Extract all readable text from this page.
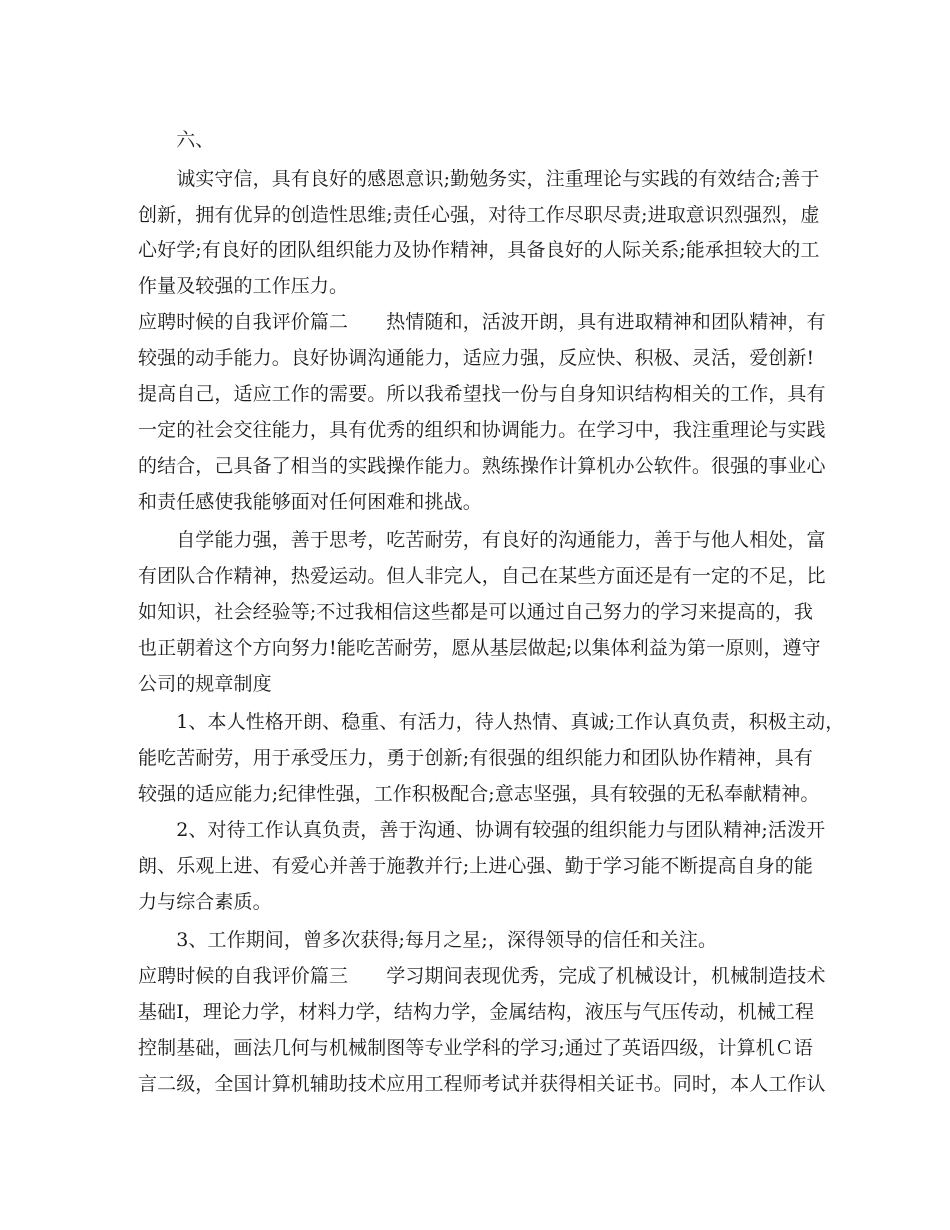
　　六、
　　诚实守信，具有良好的感恩意识;勤勉务实，注重理论与实践的有效结合;善于
创新，拥有优异的创造性思维;责任心强，对待工作尽职尽责;进取意识烈强烈，虚
心好学;有良好的团队组织能力及协作精神，具备良好的人际关系;能承担较大的工
作量及较强的工作压力。
应聘时候的自我评价篇二　　热情随和，活波开朗，具有进取精神和团队精神，有
较强的动手能力。良好协调沟通能力，适应力强，反应快、积极、灵活，爱创新!
提高自己，适应工作的需要。所以我希望找一份与自身知识结构相关的工作，具有
一定的社会交往能力，具有优秀的组织和协调能力。在学习中，我注重理论与实践
的结合，己具备了相当的实践操作能力。熟练操作计算机办公软件。很强的事业心
和责任感使我能够面对任何困难和挑战。
　　自学能力强，善于思考，吃苦耐劳，有良好的沟通能力，善于与他人相处，富
有团队合作精神，热爱运动。但人非完人，自己在某些方面还是有一定的不足，比
如知识，社会经验等;不过我相信这些都是可以通过自己努力的学习来提高的，我
也正朝着这个方向努力!能吃苦耐劳，愿从基层做起;以集体利益为第一原则，遵守
公司的规章制度
　　1、本人性格开朗、稳重、有活力，待人热情、真诚;工作认真负责，积极主动，
能吃苦耐劳，用于承受压力，勇于创新;有很强的组织能力和团队协作精神，具有
较强的适应能力;纪律性强，工作积极配合;意志坚强，具有较强的无私奉献精神。
　　2、对待工作认真负责，善于沟通、协调有较强的组织能力与团队精神;活泼开
朗、乐观上进、有爱心并善于施教并行;上进心强、勤于学习能不断提高自身的能
力与综合素质。
　　3、工作期间，曾多次获得;每月之星;，深得领导的信任和关注。
应聘时候的自我评价篇三　　学习期间表现优秀，完成了机械设计，机械制造技术
基础Ⅰ，理论力学，材料力学，结构力学，金属结构，液压与气压传动，机械工程
控制基础，画法几何与机械制图等专业学科的学习;通过了英语四级，计算机Ｃ语
言二级，全国计算机辅助技术应用工程师考试并获得相关证书。同时，本人工作认
